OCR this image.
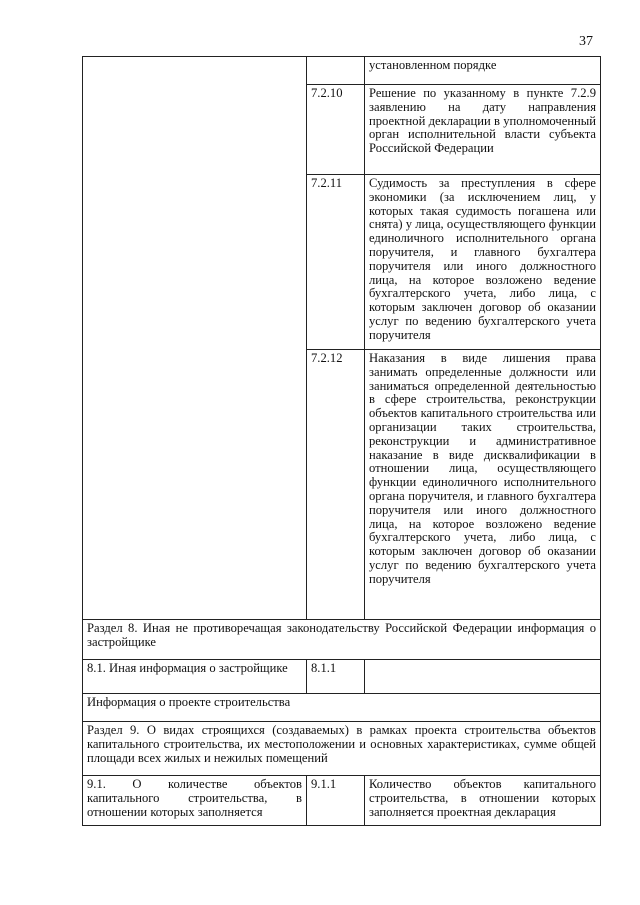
37
		установленном порядке
	7.2.10	Решение по указанному в пункте 7.2.9 заявлению на дату направления проектной декларации в уполномоченный орган исполнительной власти субъекта Российской Федерации
	7.2.11	Судимость за преступления в сфере экономики (за исключением лиц, у которых такая судимость погашена или снята) у лица, осуществляющего функции единоличного исполнительного органа поручителя, и главного бухгалтера поручителя или иного должностного лица, на которое возложено ведение бухгалтерского учета, либо лица, с которым заключен договор об оказании услуг по ведению бухгалтерского учета поручителя
	7.2.12	Наказания в виде лишения права занимать определенные должности или заниматься определенной деятельностью в сфере строительства, реконструкции объектов капитального строительства или организации таких строительства, реконструкции и административное наказание в виде дисквалификации в отношении лица, осуществляющего функции единоличного исполнительного органа поручителя, и главного бухгалтера поручителя или иного должностного лица, на которое возложено ведение бухгалтерского учета, либо лица, с которым заключен договор об оказании услуг по ведению бухгалтерского учета поручителя
Раздел 8. Иная не противоречащая законодательству Российской Федерации информация о застройщике		
8.1. Иная информация о застройщике	8.1.1	
Информация о проекте строительства		
Раздел 9. О видах строящихся (создаваемых) в рамках проекта строительства объектов капитального строительства, их местоположении и основных характеристиках, сумме общей площади всех жилых и нежилых помещений		
9.1. О количестве объектов капитального строительства, в отношении которых заполняется	9.1.1	Количество объектов капитального строительства, в отношении которых заполняется проектная декларация
